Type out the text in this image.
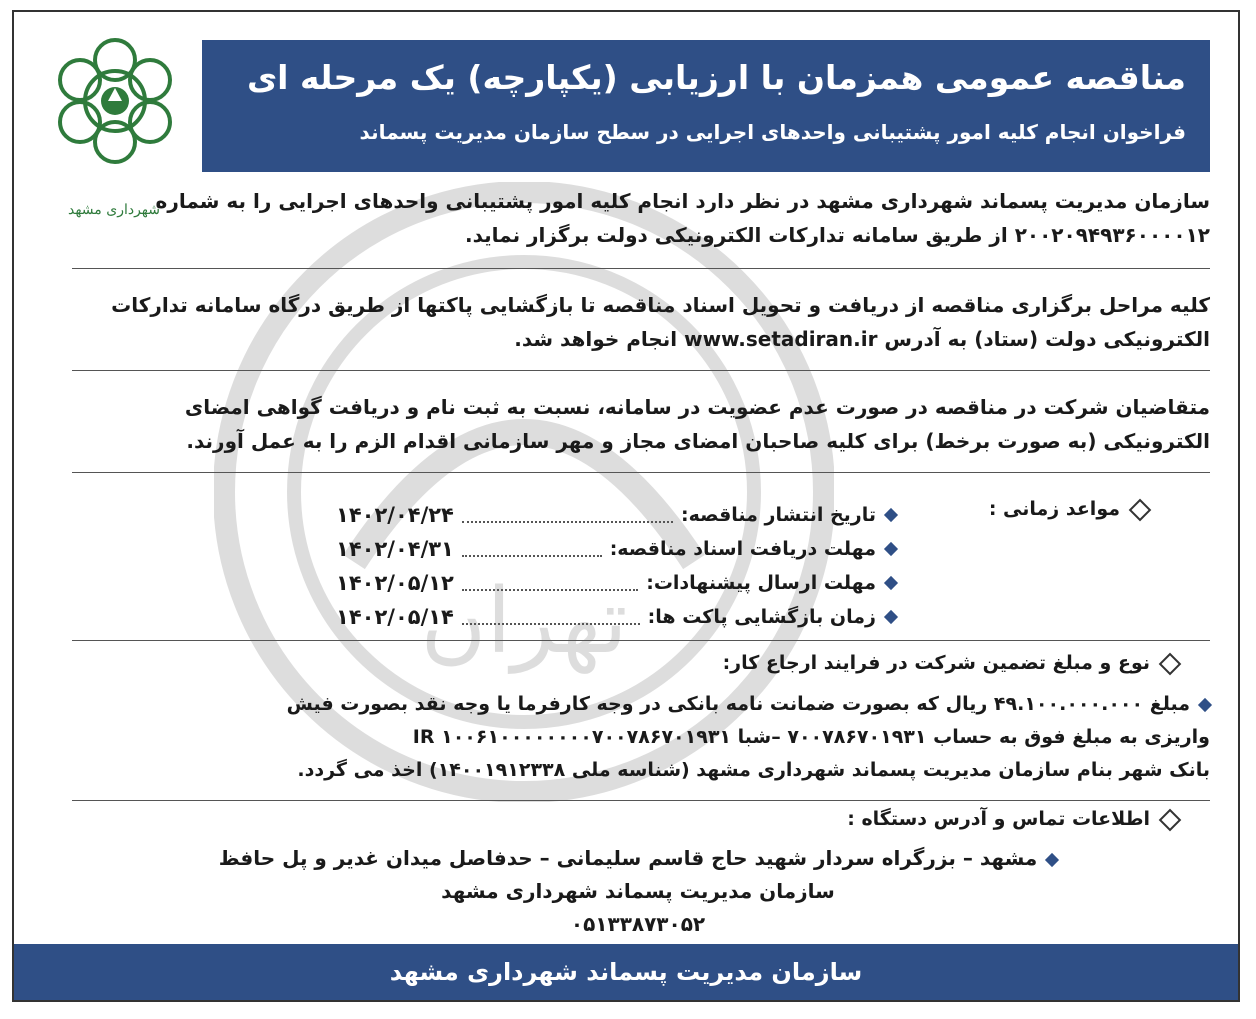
تهران
شهرداری مشهد
مناقصه عمومی همزمان با ارزیابی (یکپارچه) یک مرحله ای
فراخوان انجام کلیه امور پشتیبانی واحدهای اجرایی در سطح سازمان مدیریت پسماند
سازمان مدیریت پسماند شهرداری مشهد در نظر دارد انجام کلیه امور پشتیبانی واحدهای اجرایی را به شماره ۲۰۰۲۰۹۴۹۳۶۰۰۰۰۱۲ از طریق سامانه تدارکات الکترونیکی دولت برگزار نماید.
کلیه مراحل برگزاری مناقصه از دریافت و تحویل اسناد مناقصه تا بازگشایی پاکتها از طریق درگاه سامانه تدارکات الکترونیکی دولت (ستاد) به آدرس www.setadiran.ir انجام خواهد شد.
متقاضیان شرکت در مناقصه در صورت عدم عضویت در سامانه، نسبت به ثبت نام و دریافت گواهی امضای الکترونیکی (به صورت برخط) برای کلیه صاحبان امضای مجاز و مهر سازمانی اقدام الزم را به عمل آورند.
مواعد زمانی :
تاریخ انتشار مناقصه:
۱۴۰۲/۰۴/۲۴
مهلت دریافت اسناد مناقصه:
۱۴۰۲/۰۴/۳۱
مهلت ارسال پیشنهادات:
۱۴۰۲/۰۵/۱۲
زمان بازگشایی پاکت ها:
۱۴۰۲/۰۵/۱۴
نوع و مبلغ تضمین شرکت در فرایند ارجاع کار:
مبلغ ۴۹.۱۰۰.۰۰۰.۰۰۰ ریال که بصورت ضمانت نامه بانکی در وجه کارفرما یا وجه نقد بصورت فیش
واریزی به مبلغ فوق به حساب ۷۰۰۷۸۶۷۰۱۹۳۱ –شبا IR ۱۰۰۶۱۰۰۰۰۰۰۰۰۷۰۰۷۸۶۷۰۱۹۳۱
بانک شهر بنام سازمان مدیریت پسماند شهرداری مشهد (شناسه ملی ۱۴۰۰۱۹۱۲۳۳۸) اخذ می گردد.
اطلاعات تماس و آدرس دستگاه :
مشهد – بزرگراه سردار شهید حاج قاسم سلیمانی – حدفاصل میدان غدیر و پل حافظ
سازمان مدیریت پسماند شهرداری مشهد
۰۵۱۳۳۸۷۳۰۵۲
سازمان مدیریت پسماند شهرداری مشهد
